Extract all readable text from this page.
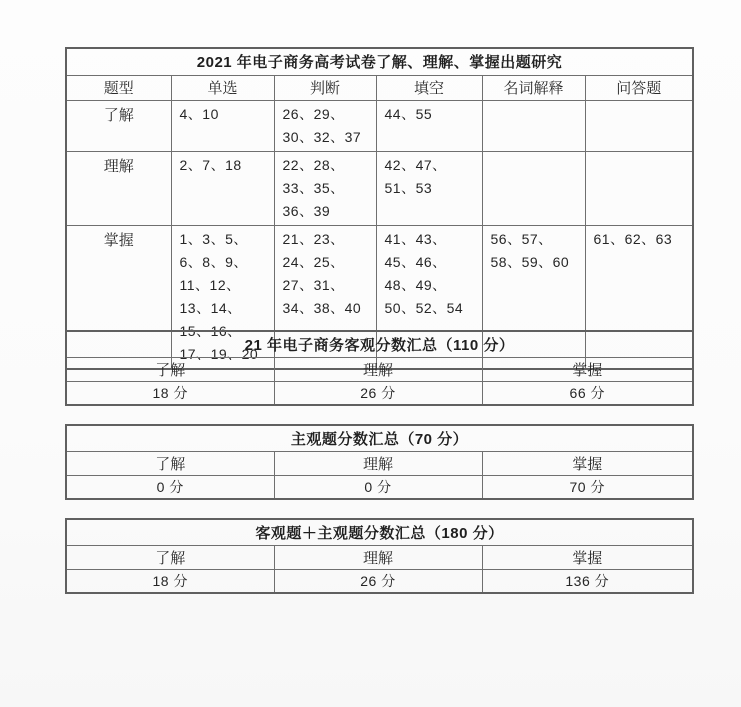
2021 年电子商务高考试卷了解、理解、掌握出题研究					
题型	单选	判断	填空	名词解释	问答题
了解	4、10	26、29、30、32、37	44、55		
理解	2、7、18	22、28、33、35、36、39	42、47、51、53		
掌握	1、3、5、6、8、9、11、12、13、14、15、16、17、19、20	21、23、24、25、27、31、34、38、40	41、43、45、46、48、49、50、52、54	56、57、58、59、60	61、62、63
21 年电子商务客观分数汇总（110 分）		
了解	理解	掌握
18 分	26 分	66 分
主观题分数汇总（70 分）		
了解	理解	掌握
0 分	0 分	70 分
客观题＋主观题分数汇总（180 分）		
了解	理解	掌握
18 分	26 分	136 分
